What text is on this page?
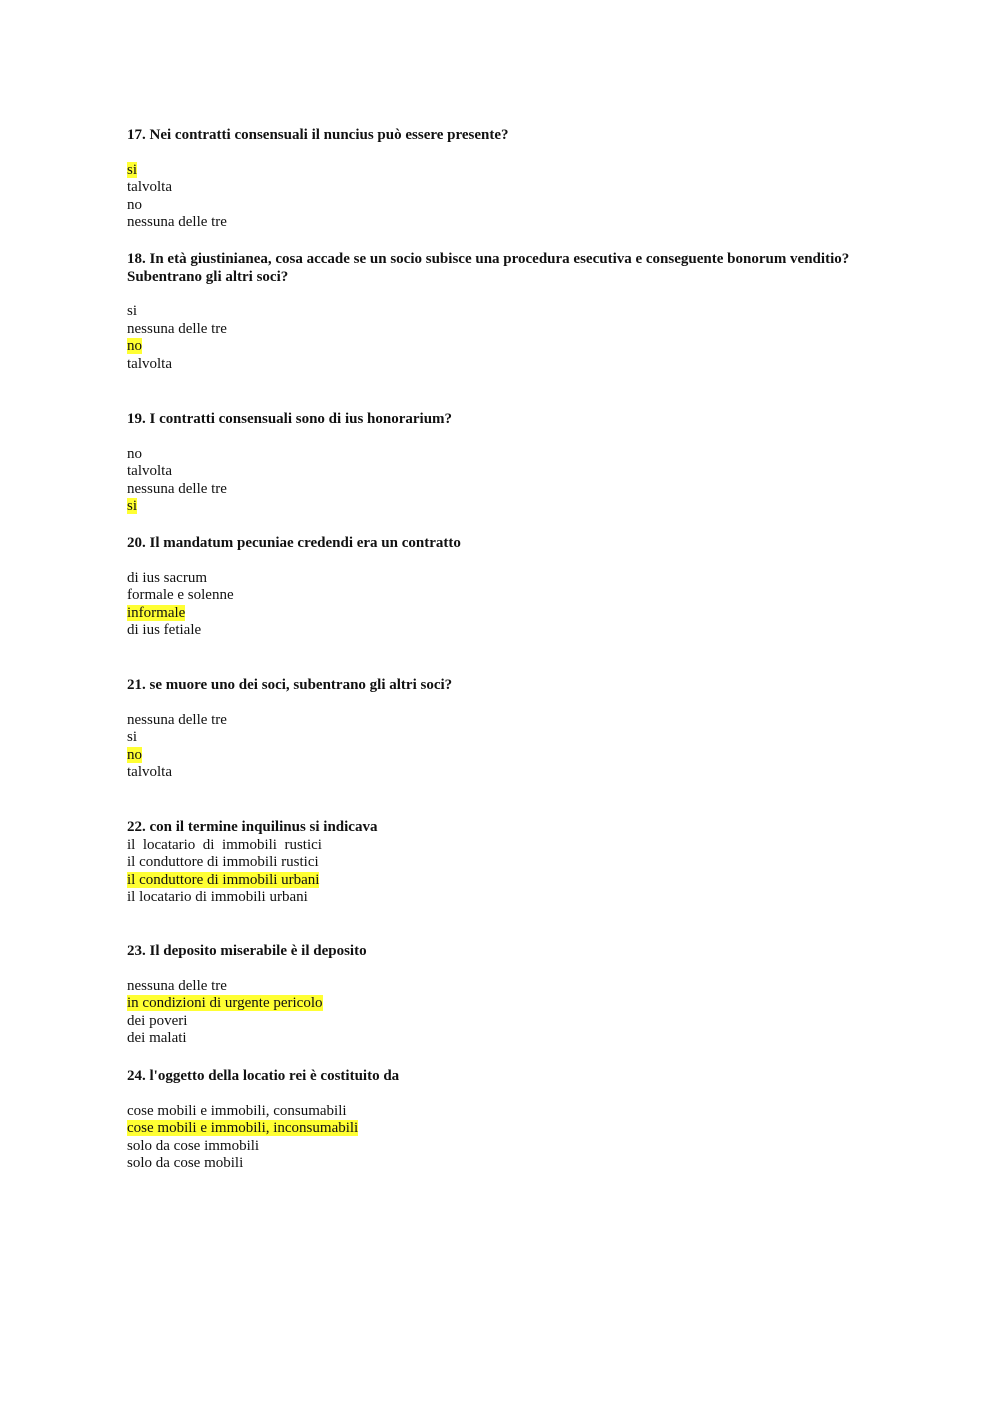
17. Nei contratti consensuali il nuncius può essere presente?

si
talvolta
no
nessuna delle tre

18. In età giustinianea, cosa accade se un socio subisce una procedura esecutiva e conseguente bonorum venditio?
Subentrano gli altri soci?

si
nessuna delle tre
no
talvolta

19. I contratti consensuali sono di ius honorarium?

no
talvolta
nessuna delle tre
si

20. Il mandatum pecuniae credendi era un contratto

di ius sacrum
formale e solenne
informale
di ius fetiale

21. se muore uno dei soci, subentrano gli altri soci?

nessuna delle tre
si
no
talvolta

22. con il termine inquilinus si indicava

il  locatario  di  immobili  rustici
il conduttore di immobili rustici
il conduttore di immobili urbani
il locatario di immobili urbani

23. Il deposito miserabile è il deposito

nessuna delle tre
in condizioni di urgente pericolo
dei poveri
dei malati

24. l'oggetto della locatio rei è costituito da

cose mobili e immobili, consumabili
cose mobili e immobili, inconsumabili
solo da cose immobili
solo da cose mobili
